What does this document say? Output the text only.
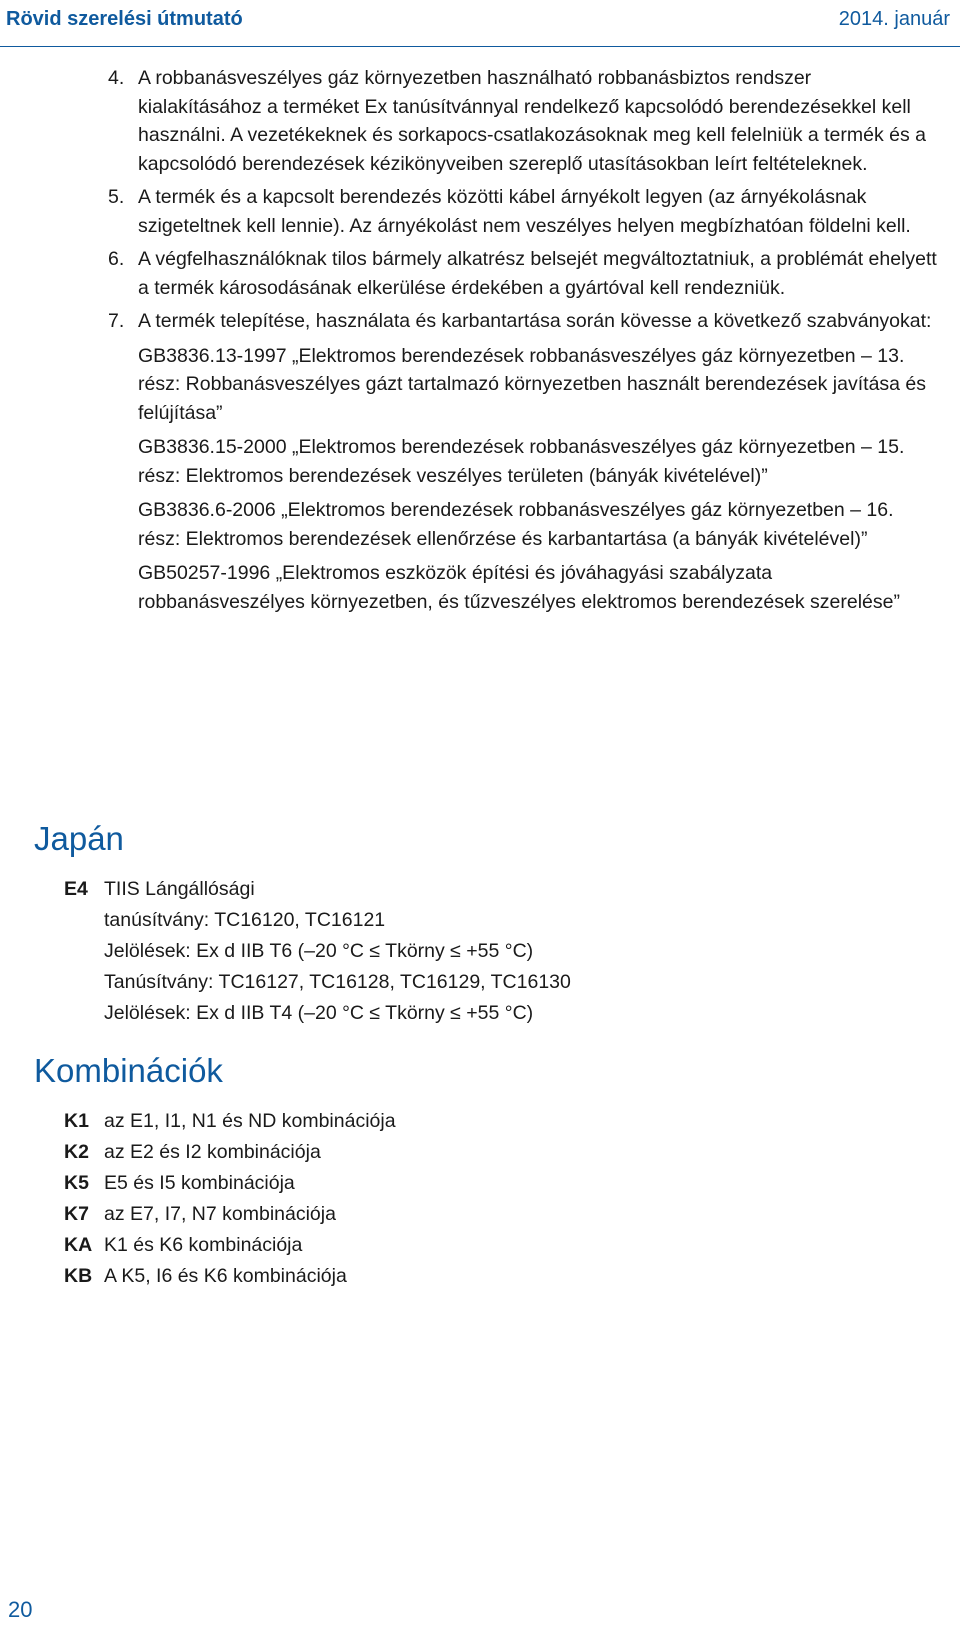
Rövid szerelési útmutató	2014. január
4. A robbanásveszélyes gáz környezetben használható robbanásbiztos rendszer kialakításához a terméket Ex tanúsítvánnyal rendelkező kapcsolódó berendezésekkel kell használni. A vezetékeknek és sorkapocs-csatlakozásoknak meg kell felelniük a termék és a kapcsolódó berendezések kézikönyveiben szereplő utasításokban leírt feltételeknek.
5. A termék és a kapcsolt berendezés közötti kábel árnyékolt legyen (az árnyékolásnak szigeteltnek kell lennie). Az árnyékolást nem veszélyes helyen megbízhatóan földelni kell.
6. A végfelhasználóknak tilos bármely alkatrész belsejét megváltoztatniuk, a problémát ehelyett a termék károsodásának elkerülése érdekében a gyártóval kell rendezniük.
7. A termék telepítése, használata és karbantartása során kövesse a következő szabványokat:

GB3836.13-1997 „Elektromos berendezések robbanásveszélyes gáz környezetben – 13. rész: Robbanásveszélyes gázt tartalmazó környezetben használt berendezések javítása és felújítása”

GB3836.15-2000 „Elektromos berendezések robbanásveszélyes gáz környezetben – 15. rész: Elektromos berendezések veszélyes területen (bányák kivételével)”

GB3836.6-2006 „Elektromos berendezések robbanásveszélyes gáz környezetben – 16. rész: Elektromos berendezések ellenőrzése és karbantartása (a bányák kivételével)”

GB50257-1996 „Elektromos eszközök építési és jóváhagyási szabályzata robbanásveszélyes környezetben, és tűzveszélyes elektromos berendezések szerelése”

Japán
E4 TIIS Lángállósági
tanúsítvány: TC16120, TC16121
Jelölések: Ex d IIB T6 (–20 °C ≤ Tkörny ≤ +55 °C)
Tanúsítvány: TC16127, TC16128, TC16129, TC16130
Jelölések: Ex d IIB T4 (–20 °C ≤ Tkörny ≤ +55 °C)
Kombinációk
K1 az E1, I1, N1 és ND kombinációja
K2 az E2 és I2 kombinációja
K5 E5 és I5 kombinációja
K7 az E7, I7, N7 kombinációja
KA K1 és K6 kombinációja
KB A K5, I6 és K6 kombinációja
20
